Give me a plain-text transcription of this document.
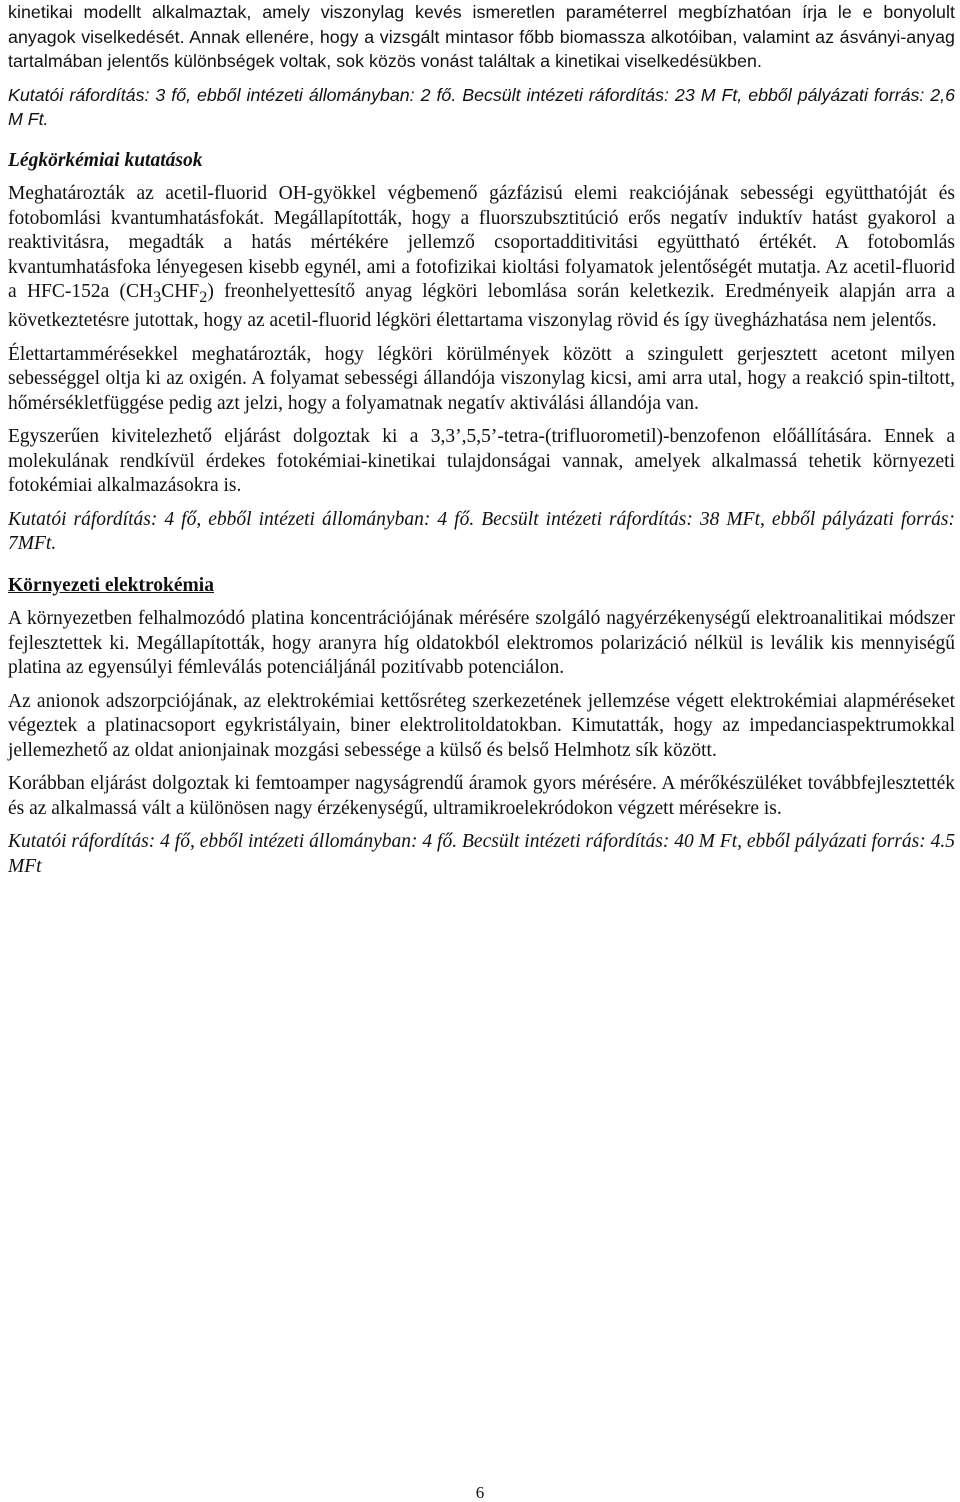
kinetikai modellt alkalmaztak, amely viszonylag kevés ismeretlen paraméterrel megbízhatóan írja le e bonyolult anyagok viselkedését. Annak ellenére, hogy a vizsgált mintasor főbb biomassza alkotóiban, valamint az ásványi-anyag tartalmában jelentős különbségek voltak, sok közös vonást találtak a kinetikai viselkedésükben.

Kutatói ráfordítás: 3 fő, ebből intézeti állományban: 2 fő. Becsült intézeti ráfordítás: 23 M Ft, ebből pályázati forrás: 2,6 M Ft.

Légkörkémiai kutatások

Meghatározták az acetil-fluorid OH-gyökkel végbemenő gázfázisú elemi reakciójának sebességi együtthatóját és fotobomlási kvantumhatásfokát. Megállapították, hogy a fluorszubsztitúció erős negatív induktív hatást gyakorol a reaktivitásra, megadták a hatás mértékére jellemző csoportadditivitási együttható értékét. A fotobomlás kvantumhatásfoka lényegesen kisebb egynél, ami a fotofizikai kioltási folyamatok jelentőségét mutatja. Az acetil-fluorid a HFC-152a $(CH_3CHF_2)$ freonhelyettesítő anyag légköri lebomlása során keletkezik. Eredményeik alapján arra a következtetésre jutottak, hogy az acetil-fluorid légköri élettartama viszonylag rövid és így üvegházhatása nem jelentős.

Élettartammérésekkel meghatározták, hogy légköri körülmények között a szingulett gerjesztett acetont milyen sebességgel oltja ki az oxigén. A folyamat sebességi állandója viszonylag kicsi, ami arra utal, hogy a reakció spin-tiltott, hőmérsékletfüggése pedig azt jelzi, hogy a folyamatnak negatív aktiválási állandója van.

Egyszerűen kivitelezhető eljárást dolgoztak ki a 3,3’,5,5’-tetra-(trifluorometil)-benzofenon előállítására. Ennek a molekulának rendkívül érdekes fotokémiai-kinetikai tulajdonságai vannak, amelyek alkalmassá tehetik környezeti fotokémiai alkalmazásokra is.

Kutatói ráfordítás: 4 fő, ebből intézeti állományban: 4 fő. Becsült intézeti ráfordítás: 38 MFt, ebből pályázati forrás: 7MFt.

Környezeti elektrokémia

A környezetben felhalmozódó platina koncentrációjának mérésére szolgáló nagyérzékenységű elektroanalitikai módszer fejlesztettek ki. Megállapították, hogy aranyra híg oldatokból elektromos polarizáció nélkül is leválik kis mennyiségű platina az egyensúlyi fémleválás potenciáljánál pozitívabb potenciálon.

Az anionok adszorpciójának, az elektrokémiai kettősréteg szerkezetének jellemzése végett elektrokémiai alapméréseket végeztek a platinacsoport egykristályain, biner elektrolitoldatokban. Kimutatták, hogy az impedanciaspektrumokkal jellemezhető az oldat anionjainak mozgási sebessége a külső és belső Helmhotz sík között.

Korábban eljárást dolgoztak ki femtoamper nagyságrendű áramok gyors mérésére. A mérőkészüléket továbbfejlesztették és az alkalmassá vált a különösen nagy érzékenységű, ultramikroelekródokon végzett mérésekre is.

Kutatói ráfordítás: 4 fő, ebből intézeti állományban: 4 fő. Becsült intézeti ráfordítás: 40 M Ft, ebből pályázati forrás: 4.5 MFt

6
